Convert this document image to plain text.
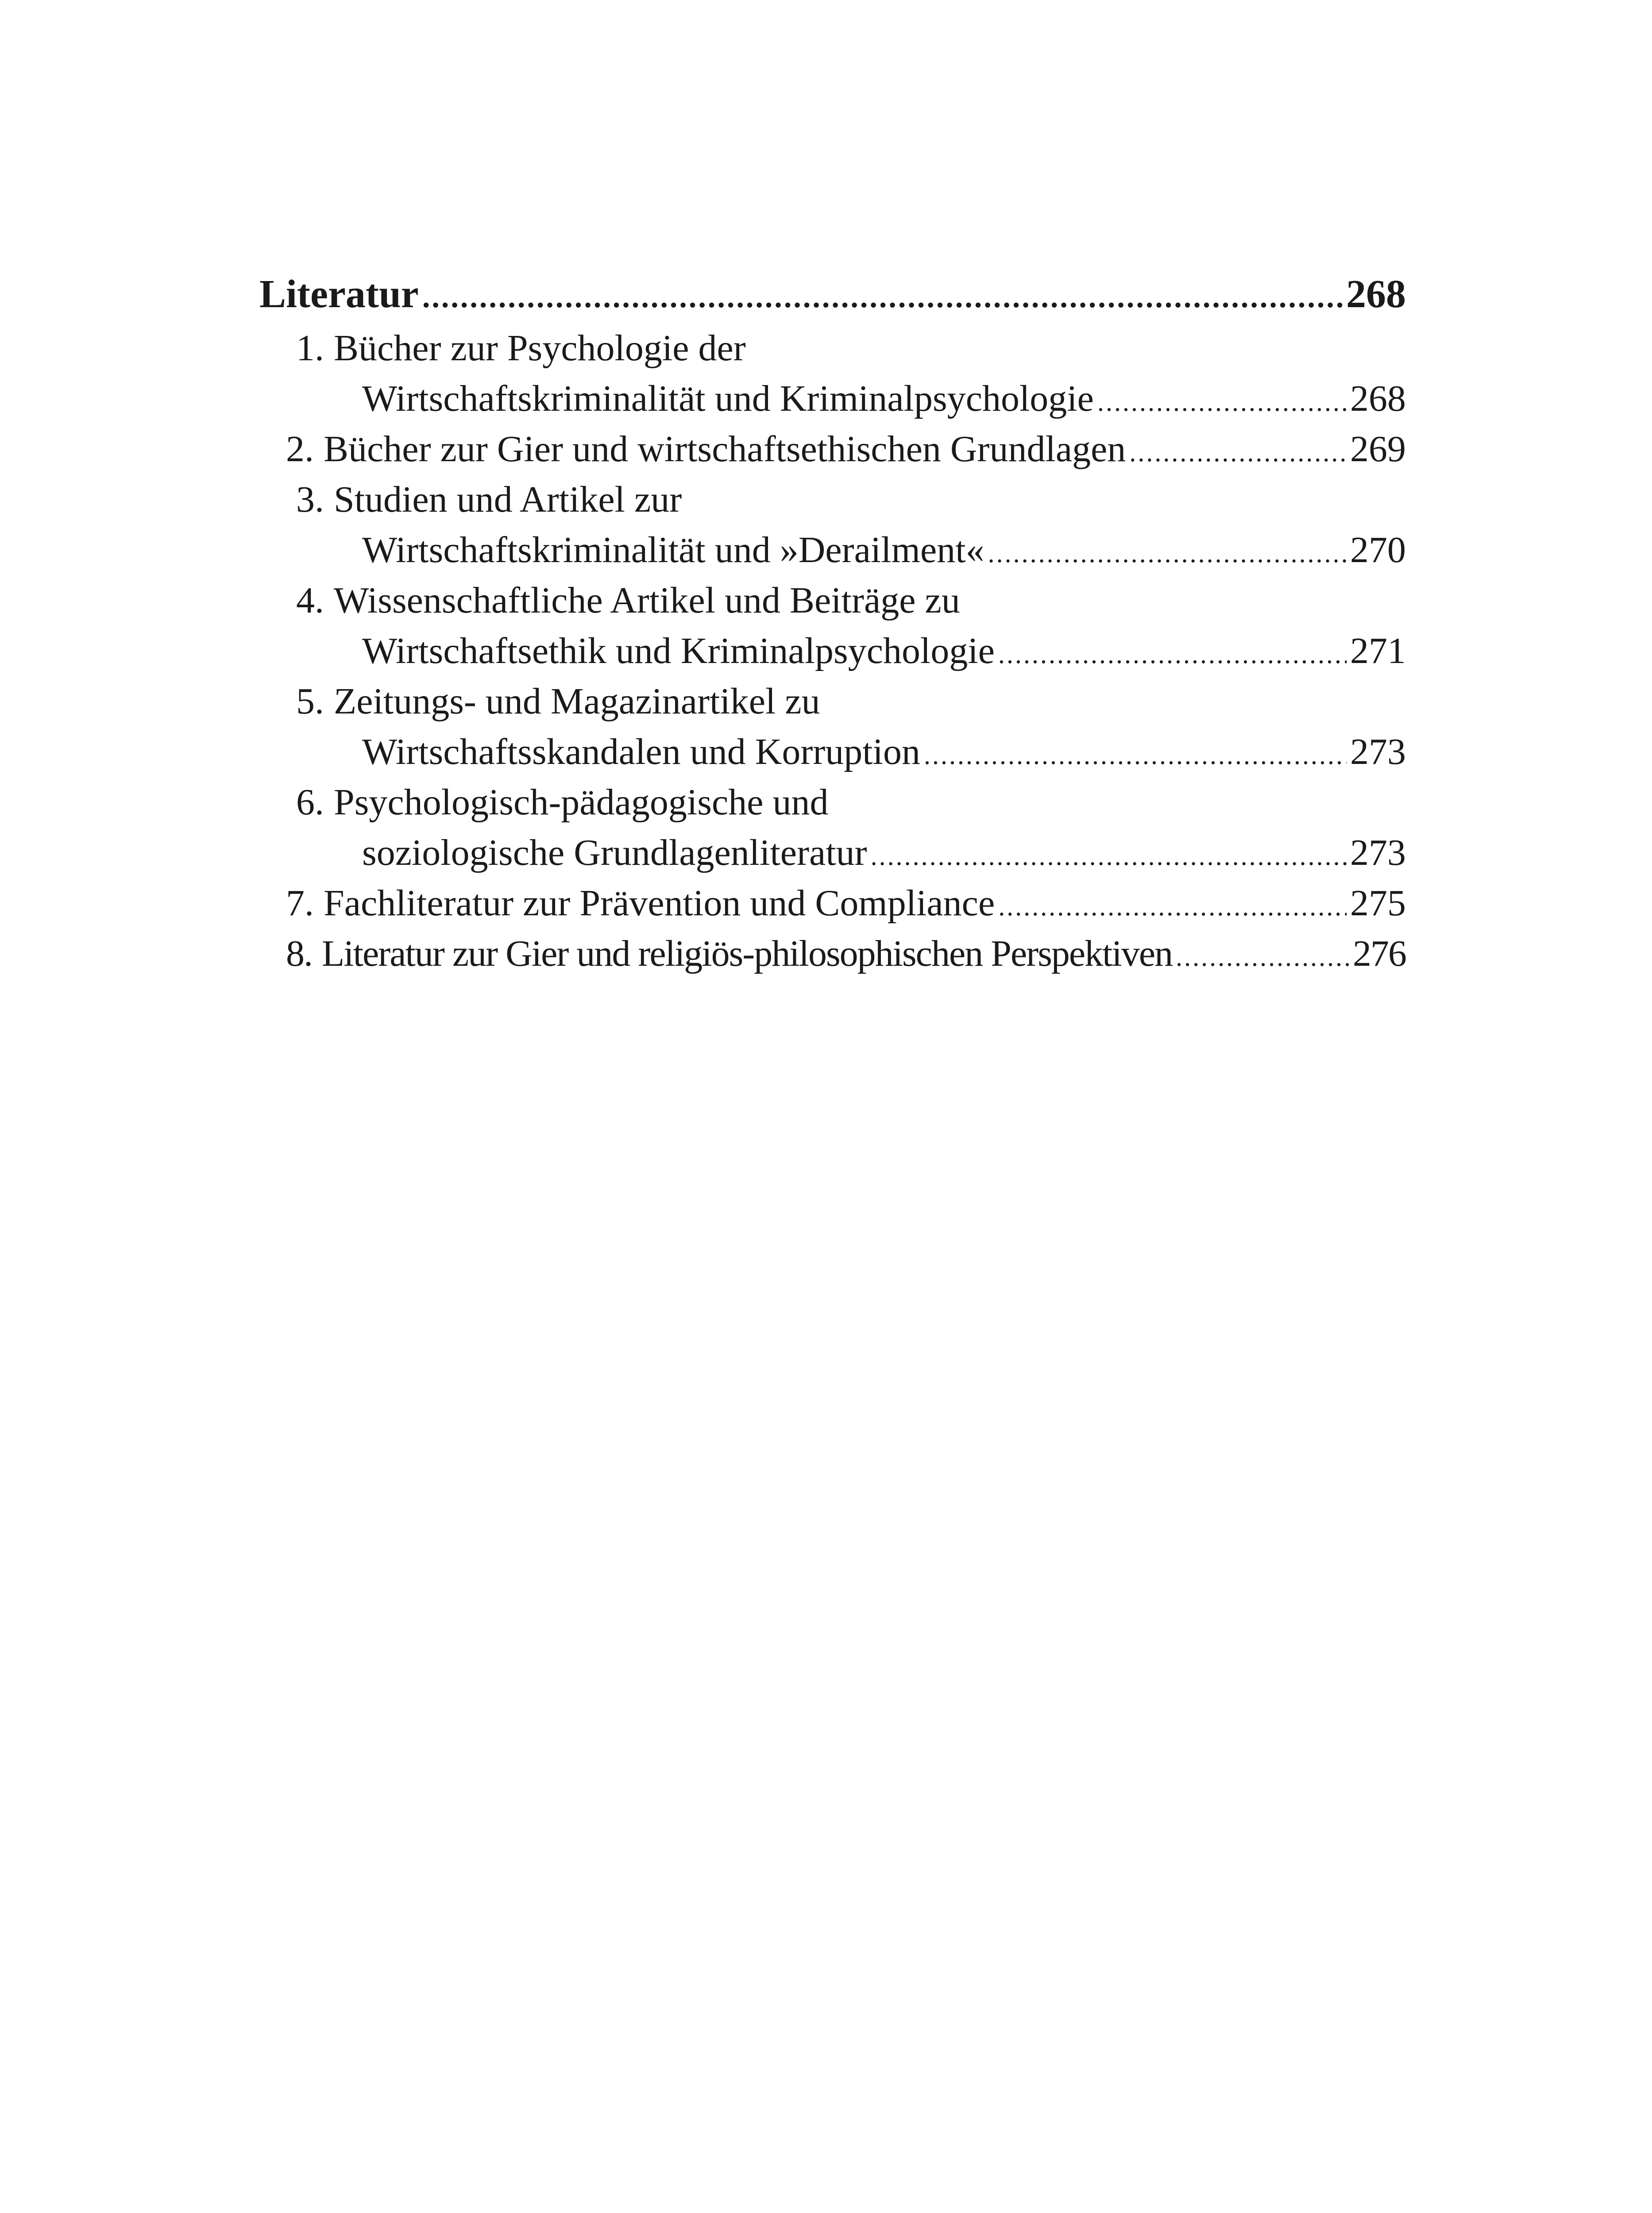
Literatur .....	268
1. Bücher zur Psychologie der
Wirtschaftskriminalität und Kriminalpsychologie .....	268
2. Bücher zur Gier und wirtschaftsethischen Grundlagen .....	269
3. Studien und Artikel zur
Wirtschaftskriminalität und »Derailment« .....	270
4. Wissenschaftliche Artikel und Beiträge zu
Wirtschaftsethik und Kriminalpsychologie .....	271
5. Zeitungs- und Magazinartikel zu
Wirtschaftsskandalen und Korruption .....	273
6. Psychologisch-pädagogische und
soziologische Grundlagenliteratur .....	273
7. Fachliteratur zur Prävention und Compliance .....	275
8. Literatur zur Gier und religiös-philosophischen Perspektiven .....	276
